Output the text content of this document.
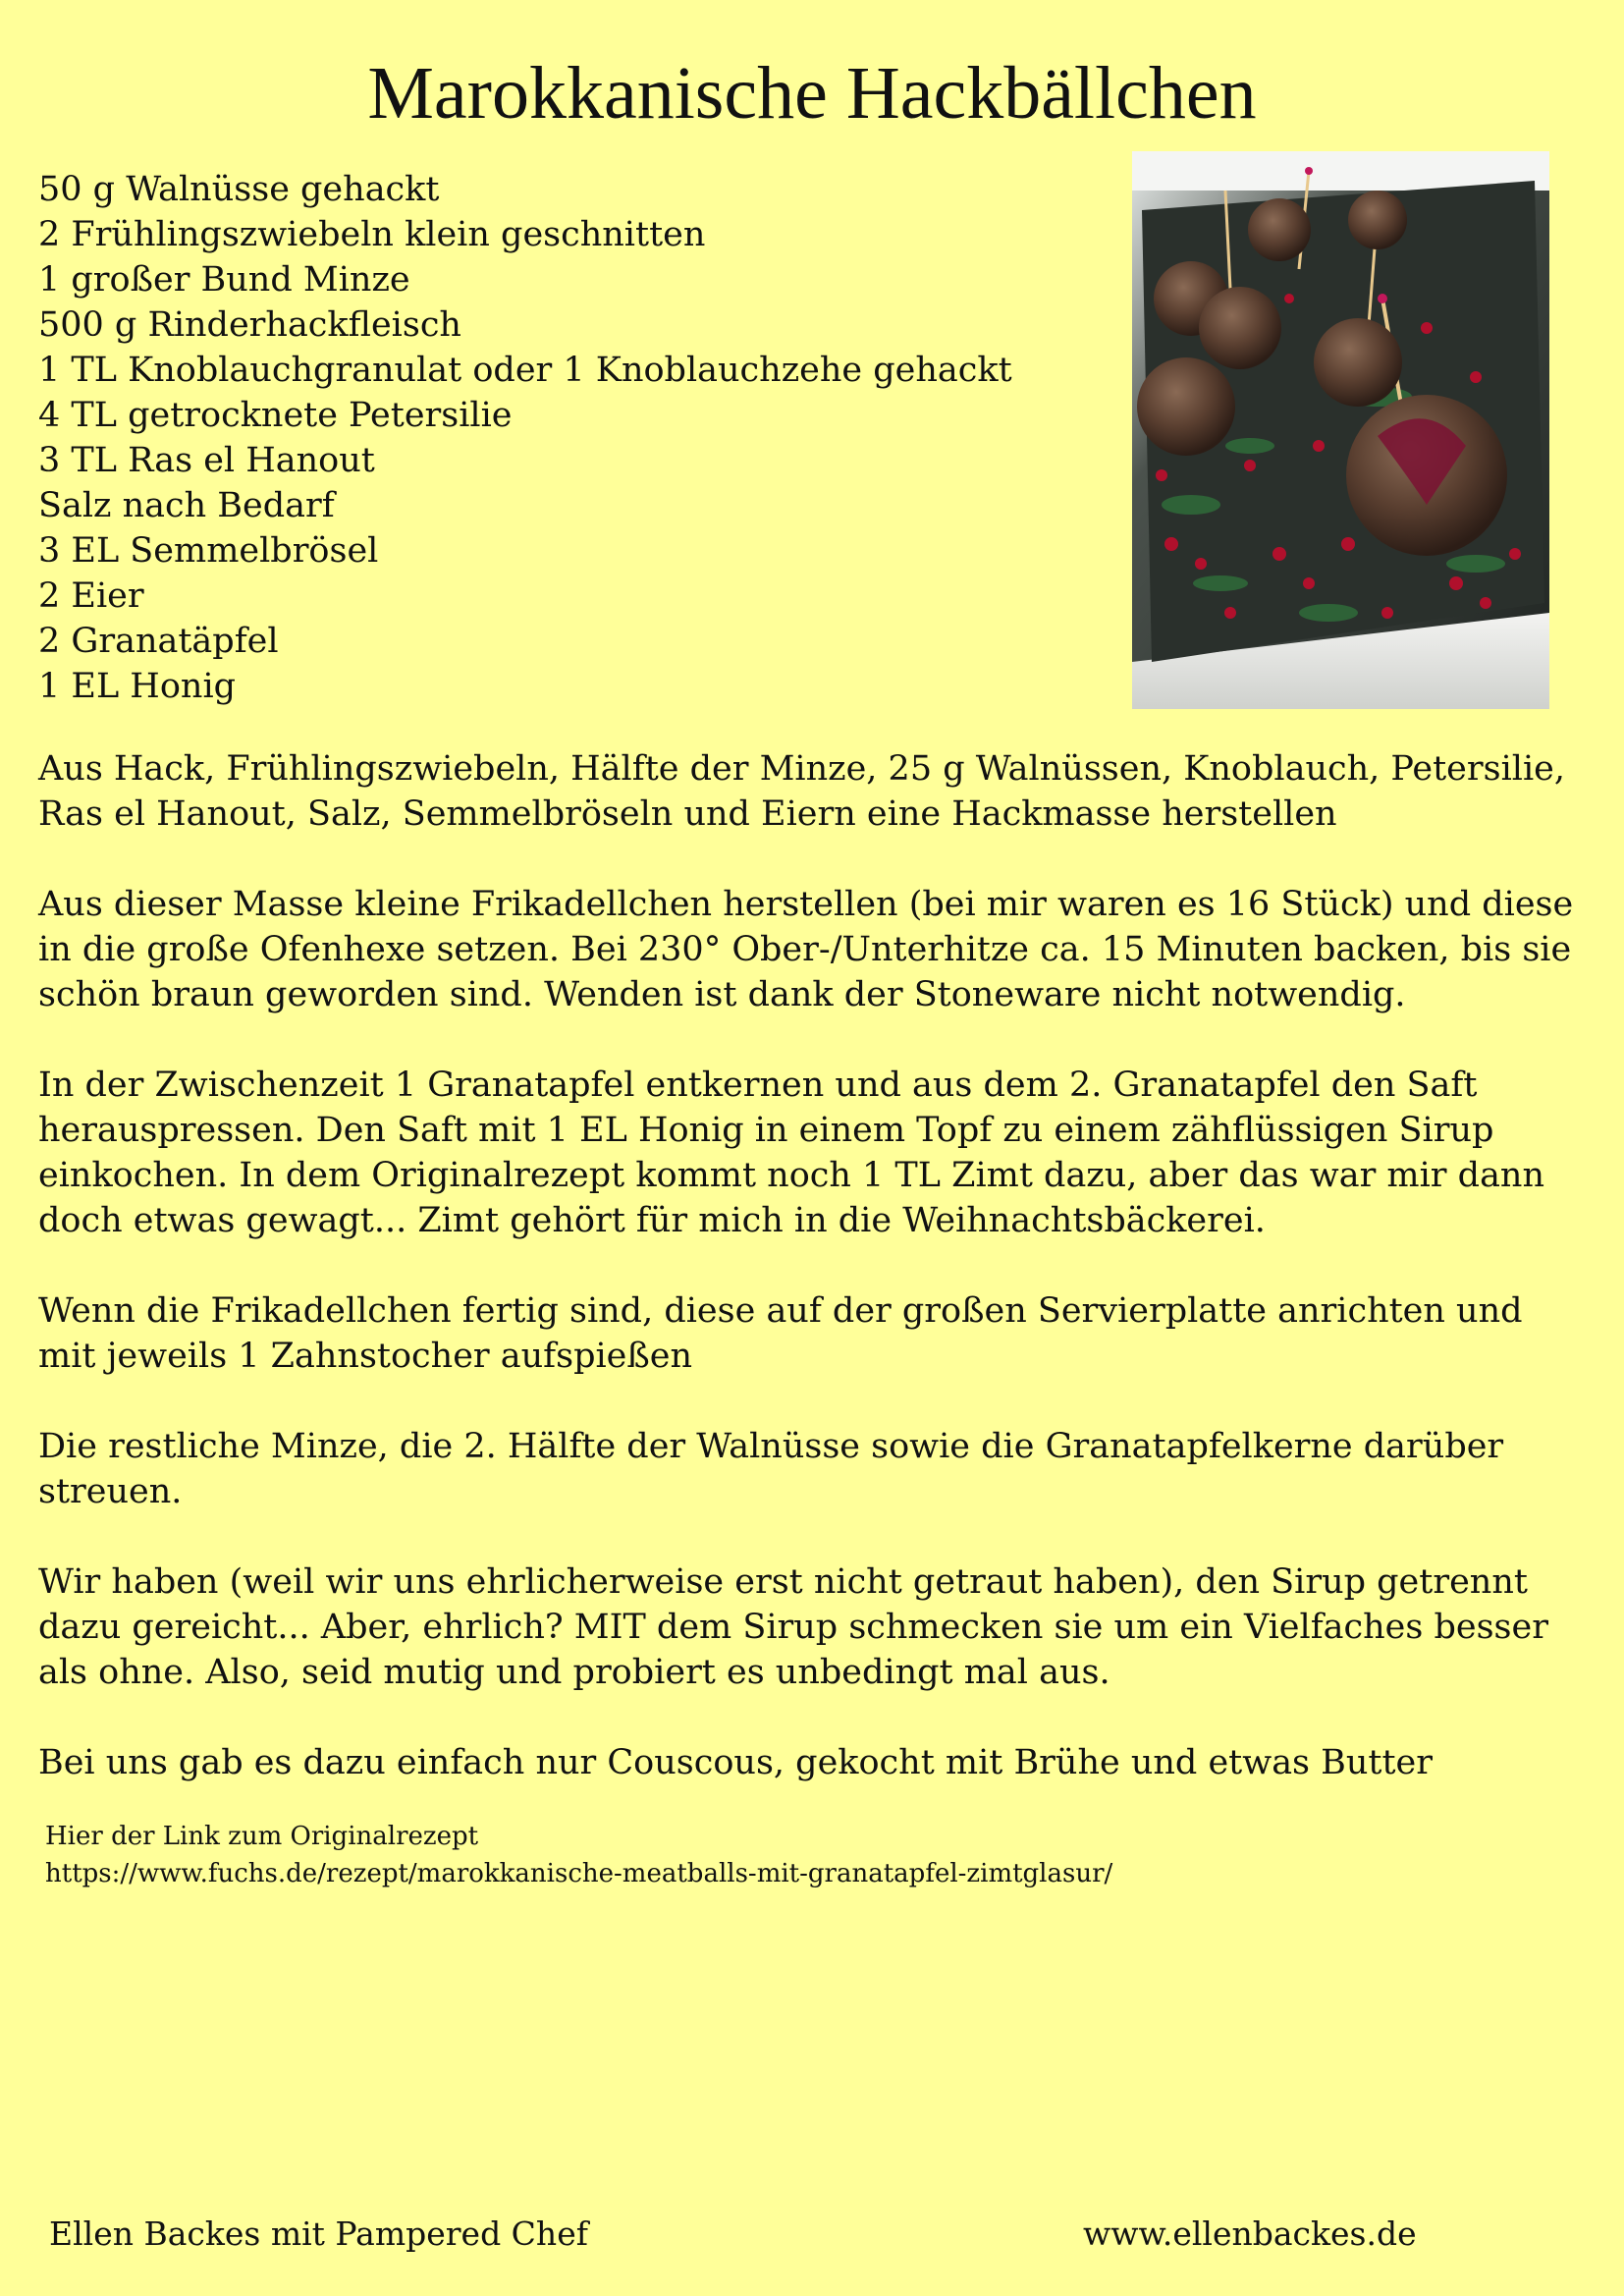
Marokkanische Hackbällchen
50 g Walnüsse gehackt
2 Frühlingszwiebeln klein geschnitten
1 großer Bund Minze
500 g Rinderhackfleisch
1 TL Knoblauchgranulat oder 1 Knoblauchzehe gehackt
4 TL getrocknete Petersilie
3 TL Ras el Hanout
Salz nach Bedarf
3 EL Semmelbrösel
2 Eier
2 Granatäpfel
1 EL Honig

Aus Hack, Frühlingszwiebeln, Hälfte der Minze, 25 g Walnüssen, Knoblauch, Petersilie, Ras el Hanout, Salz, Semmelbröseln und Eiern eine Hackmasse herstellen

Aus dieser Masse kleine Frikadellchen herstellen (bei mir waren es 16 Stück) und diese in die große Ofenhexe setzen. Bei 230° Ober-/Unterhitze ca. 15 Minuten backen, bis sie schön braun geworden sind. Wenden ist dank der Stoneware nicht notwendig.

In der Zwischenzeit 1 Granatapfel entkernen und aus dem 2. Granatapfel den Saft herauspressen. Den Saft mit 1 EL Honig in einem Topf zu einem zähflüssigen Sirup einkochen. In dem Originalrezept kommt noch 1 TL Zimt dazu, aber das war mir dann doch etwas gewagt... Zimt gehört für mich in die Weihnachtsbäckerei.

Wenn die Frikadellchen fertig sind, diese auf der großen Servierplatte anrichten und mit jeweils 1 Zahnstocher aufspießen

Die restliche Minze, die 2. Hälfte der Walnüsse sowie die Granatapfelkerne darüber streuen.

Wir haben (weil wir uns ehrlicherweise erst nicht getraut haben), den Sirup getrennt dazu gereicht... Aber, ehrlich? MIT dem Sirup schmecken sie um ein Vielfaches besser als ohne. Also, seid mutig und probiert es unbedingt mal aus.

Bei uns gab es dazu einfach nur Couscous, gekocht mit Brühe und etwas Butter

Hier der Link zum Originalrezept
https://www.fuchs.de/rezept/marokkanische-meatballs-mit-granatapfel-zimtglasur/
Ellen Backes mit Pampered Chef	www.ellenbackes.de
